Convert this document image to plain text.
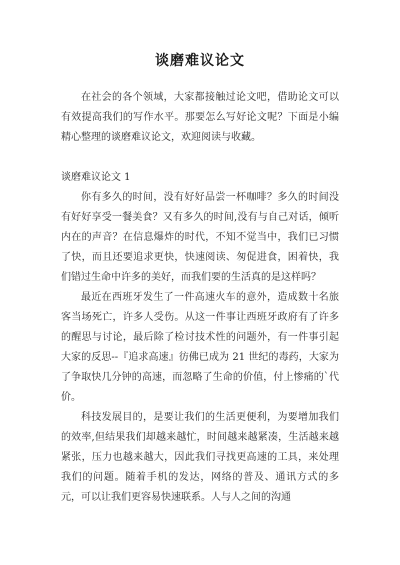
谈磨难议论文

在社会的各个领域，大家都接触过论文吧，借助论文可以有效提高我们的写作水平。那要怎么写好论文呢？下面是小编精心整理的谈磨难议论文，欢迎阅读与收藏。

谈磨难议论文 1

你有多久的时间，没有好好品尝一杯咖啡？多久的时间没有好好享受一餐美食？又有多久的时间,没有与自己对话，倾听内在的声音？在信息爆炸的时代，不知不觉当中，我们已习惯了快，而且还要追求更快，快速阅读、匆促进食，困着快，我们错过生命中许多的美好，而我们要的生活真的是这样吗？

最近在西班牙发生了一件高速火车的意外，造成数十名旅客当场死亡，许多人受伤。从这一件事让西班牙政府有了许多的醒思与讨论，最后除了检讨技术性的问题外，有一件事引起大家的反思--『追求高速』彷佛已成为 21 世纪的毒药，大家为了争取快几分钟的高速，而忽略了生命的价值，付上惨痛的`代价。

科技发展目的，是要让我们的生活更便利，为要增加我们的效率,但结果我们却越来越忙，时间越来越紧凑，生活越来越紧张，压力也越来越大，因此我们寻找更高速的工具，来处理我们的问题。随着手机的发达，网络的普及、通讯方式的多元，可以让我们更容易快速联系。人与人之间的沟通
